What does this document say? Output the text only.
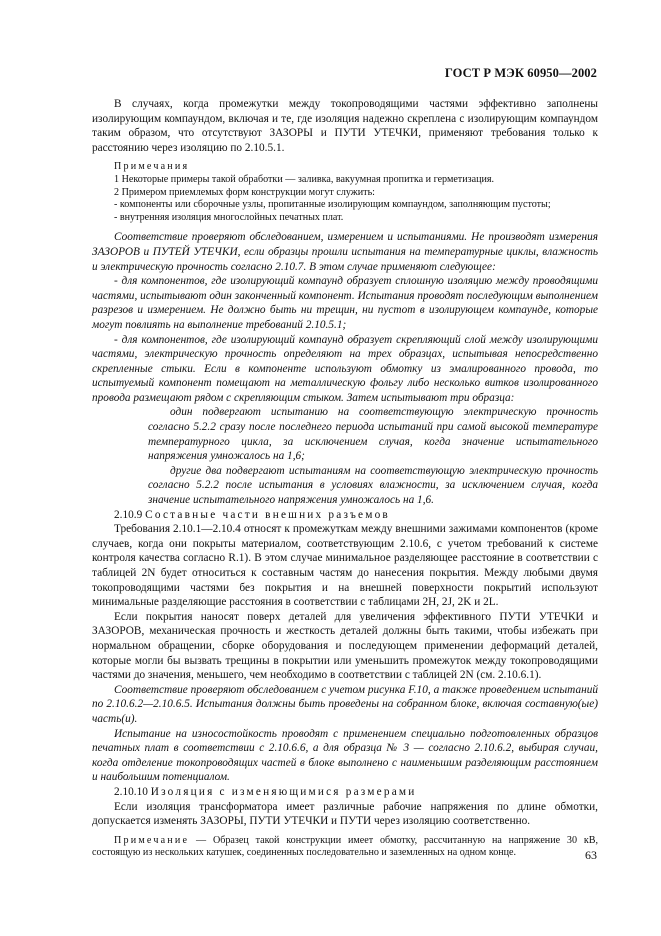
ГОСТ Р МЭК 60950—2002

В случаях, когда промежутки между токопроводящими частями эффективно заполнены изолирующим компаундом, включая и те, где изоляция надежно скреплена с изолирующим компаундом таким образом, что отсутствуют ЗАЗОРЫ и ПУТИ УТЕЧКИ, применяют требования только к расстоянию через изоляцию по 2.10.5.1.

Примечания

1 Некоторые примеры такой обработки — заливка, вакуумная пропитка и герметизация.

2 Примером приемлемых форм конструкции могут служить:

- компоненты или сборочные узлы, пропитанные изолирующим компаундом, заполняющим пустоты;

- внутренняя изоляция многослойных печатных плат.

Соответствие проверяют обследованием, измерением и испытаниями. Не производят измерения ЗАЗОРОВ и ПУТЕЙ УТЕЧКИ, если образцы прошли испытания на температурные циклы, влажность и электрическую прочность согласно 2.10.7. В этом случае применяют следующее:

- для компонентов, где изолирующий компаунд образует сплошную изоляцию между проводящими частями, испытывают один законченный компонент. Испытания проводят последующим выполнением разрезов и измерением. Не должно быть ни трещин, ни пустот в изолирующем компаунде, которые могут повлиять на выполнение требований 2.10.5.1;

- для компонентов, где изолирующий компаунд образует скрепляющий слой между изолирующими частями, электрическую прочность определяют на трех образцах, испытывая непосредственно скрепленные стыки. Если в компоненте используют обмотку из эмалированного провода, то испытуемый компонент помещают на металлическую фольгу либо несколько витков изолированного провода размещают рядом с скрепляющим стыком. Затем испытывают три образца:

один подвергают испытанию на соответствующую электрическую прочность согласно 5.2.2 сразу после последнего периода испытаний при самой высокой температуре температурного цикла, за исключением случая, когда значение испытательного напряжения умножалось на 1,6;

другие два подвергают испытаниям на соответствующую электрическую прочность согласно 5.2.2 после испытания в условиях влажности, за исключением случая, когда значение испытательного напряжения умножалось на 1,6.

2.10.9 Составные части внешних разъемов

Требования 2.10.1—2.10.4 относят к промежуткам между внешними зажимами компонентов (кроме случаев, когда они покрыты материалом, соответствующим 2.10.6, с учетом требований к системе контроля качества согласно R.1). В этом случае минимальное разделяющее расстояние в соответствии с таблицей 2N будет относиться к составным частям до нанесения покрытия. Между любыми двумя токопроводящими частями без покрытия и на внешней поверхности покрытий используют минимальные разделяющие расстояния в соответствии с таблицами 2H, 2J, 2K и 2L.

Если покрытия наносят поверх деталей для увеличения эффективного ПУТИ УТЕЧКИ и ЗАЗОРОВ, механическая прочность и жесткость деталей должны быть такими, чтобы избежать при нормальном обращении, сборке оборудования и последующем применении деформаций деталей, которые могли бы вызвать трещины в покрытии или уменьшить промежуток между токопроводящими частями до значения, меньшего, чем необходимо в соответствии с таблицей 2N (см. 2.10.6.1).

Соответствие проверяют обследованием с учетом рисунка F.10, а также проведением испытаний по 2.10.6.2—2.10.6.5. Испытания должны быть проведены на собранном блоке, включая составную(ые) часть(и).

Испытание на износостойкость проводят с применением специально подготовленных образцов печатных плат в соответствии с 2.10.6.6, а для образца № 3 — согласно 2.10.6.2, выбирая случаи, когда отделение токопроводящих частей в блоке выполнено с наименьшим разделяющим расстоянием и наибольшим потенциалом.

2.10.10 Изоляция с изменяющимися размерами

Если изоляция трансформатора имеет различные рабочие напряжения по длине обмотки, допускается изменять ЗАЗОРЫ, ПУТИ УТЕЧКИ и ПУТИ через изоляцию соответственно.

Примечание — Образец такой конструкции имеет обмотку, рассчитанную на напряжение 30 кВ, состоящую из нескольких катушек, соединенных последовательно и заземленных на одном конце.	63
